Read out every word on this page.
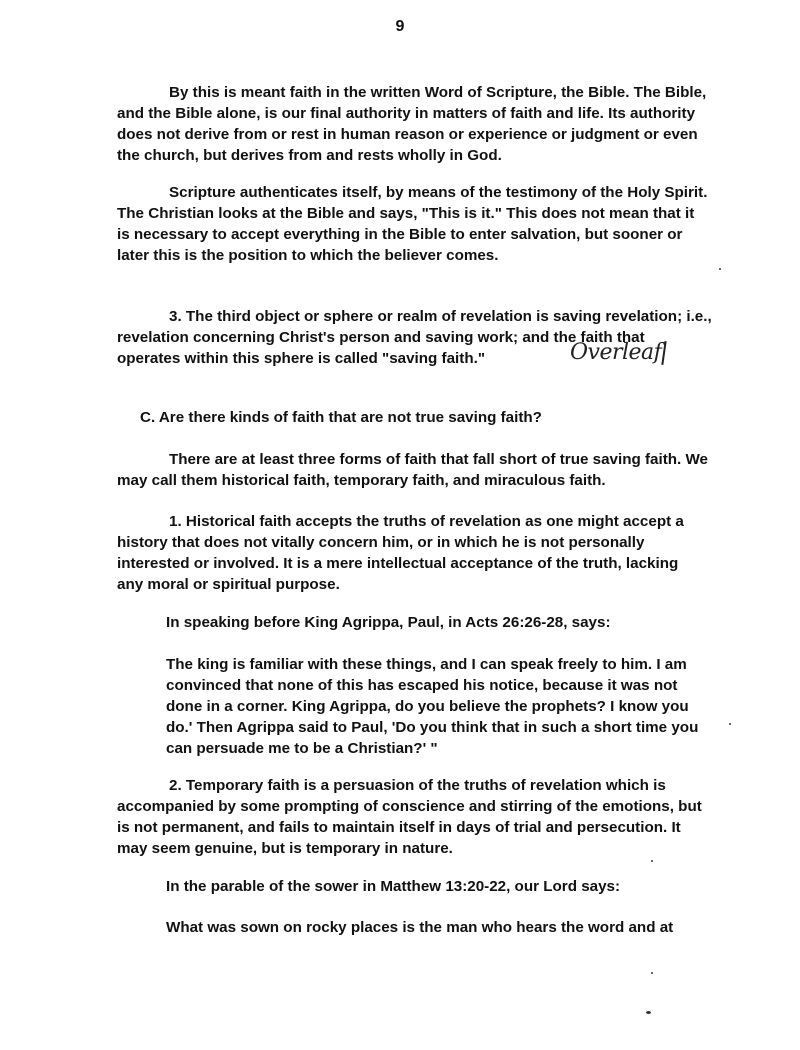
9

By this is meant faith in the written Word of Scripture, the Bible. The Bible,
and the Bible alone, is our final authority in matters of faith and life. Its authority
does not derive from or rest in human reason or experience or judgment or even
the church, but derives from and rests wholly in God.

Scripture authenticates itself, by means of the testimony of the Holy Spirit.
The Christian looks at the Bible and says, "This is it." This does not mean that it
is necessary to accept everything in the Bible to enter salvation, but sooner or
later this is the position to which the believer comes.

3. The third object or sphere or realm of revelation is saving revelation; i.e.,
revelation concerning Christ's person and saving work; and the faith that
operates within this sphere is called "saving faith."	Overleaf

C. Are there kinds of faith that are not true saving faith?

There are at least three forms of faith that fall short of true saving faith. We
may call them historical faith, temporary faith, and miraculous faith.

1. Historical faith accepts the truths of revelation as one might accept a
history that does not vitally concern him, or in which he is not personally
interested or involved. It is a mere intellectual acceptance of the truth, lacking
any moral or spiritual purpose.

In speaking before King Agrippa, Paul, in Acts 26:26-28, says:

The king is familiar with these things, and I can speak freely to him. I am
convinced that none of this has escaped his notice, because it was not
done in a corner. King Agrippa, do you believe the prophets? I know you
do.' Then Agrippa said to Paul, 'Do you think that in such a short time you
can persuade me to be a Christian?' "

2. Temporary faith is a persuasion of the truths of revelation which is
accompanied by some prompting of conscience and stirring of the emotions, but
is not permanent, and fails to maintain itself in days of trial and persecution. It
may seem genuine, but is temporary in nature.

In the parable of the sower in Matthew 13:20-22, our Lord says:

What was sown on rocky places is the man who hears the word and at
